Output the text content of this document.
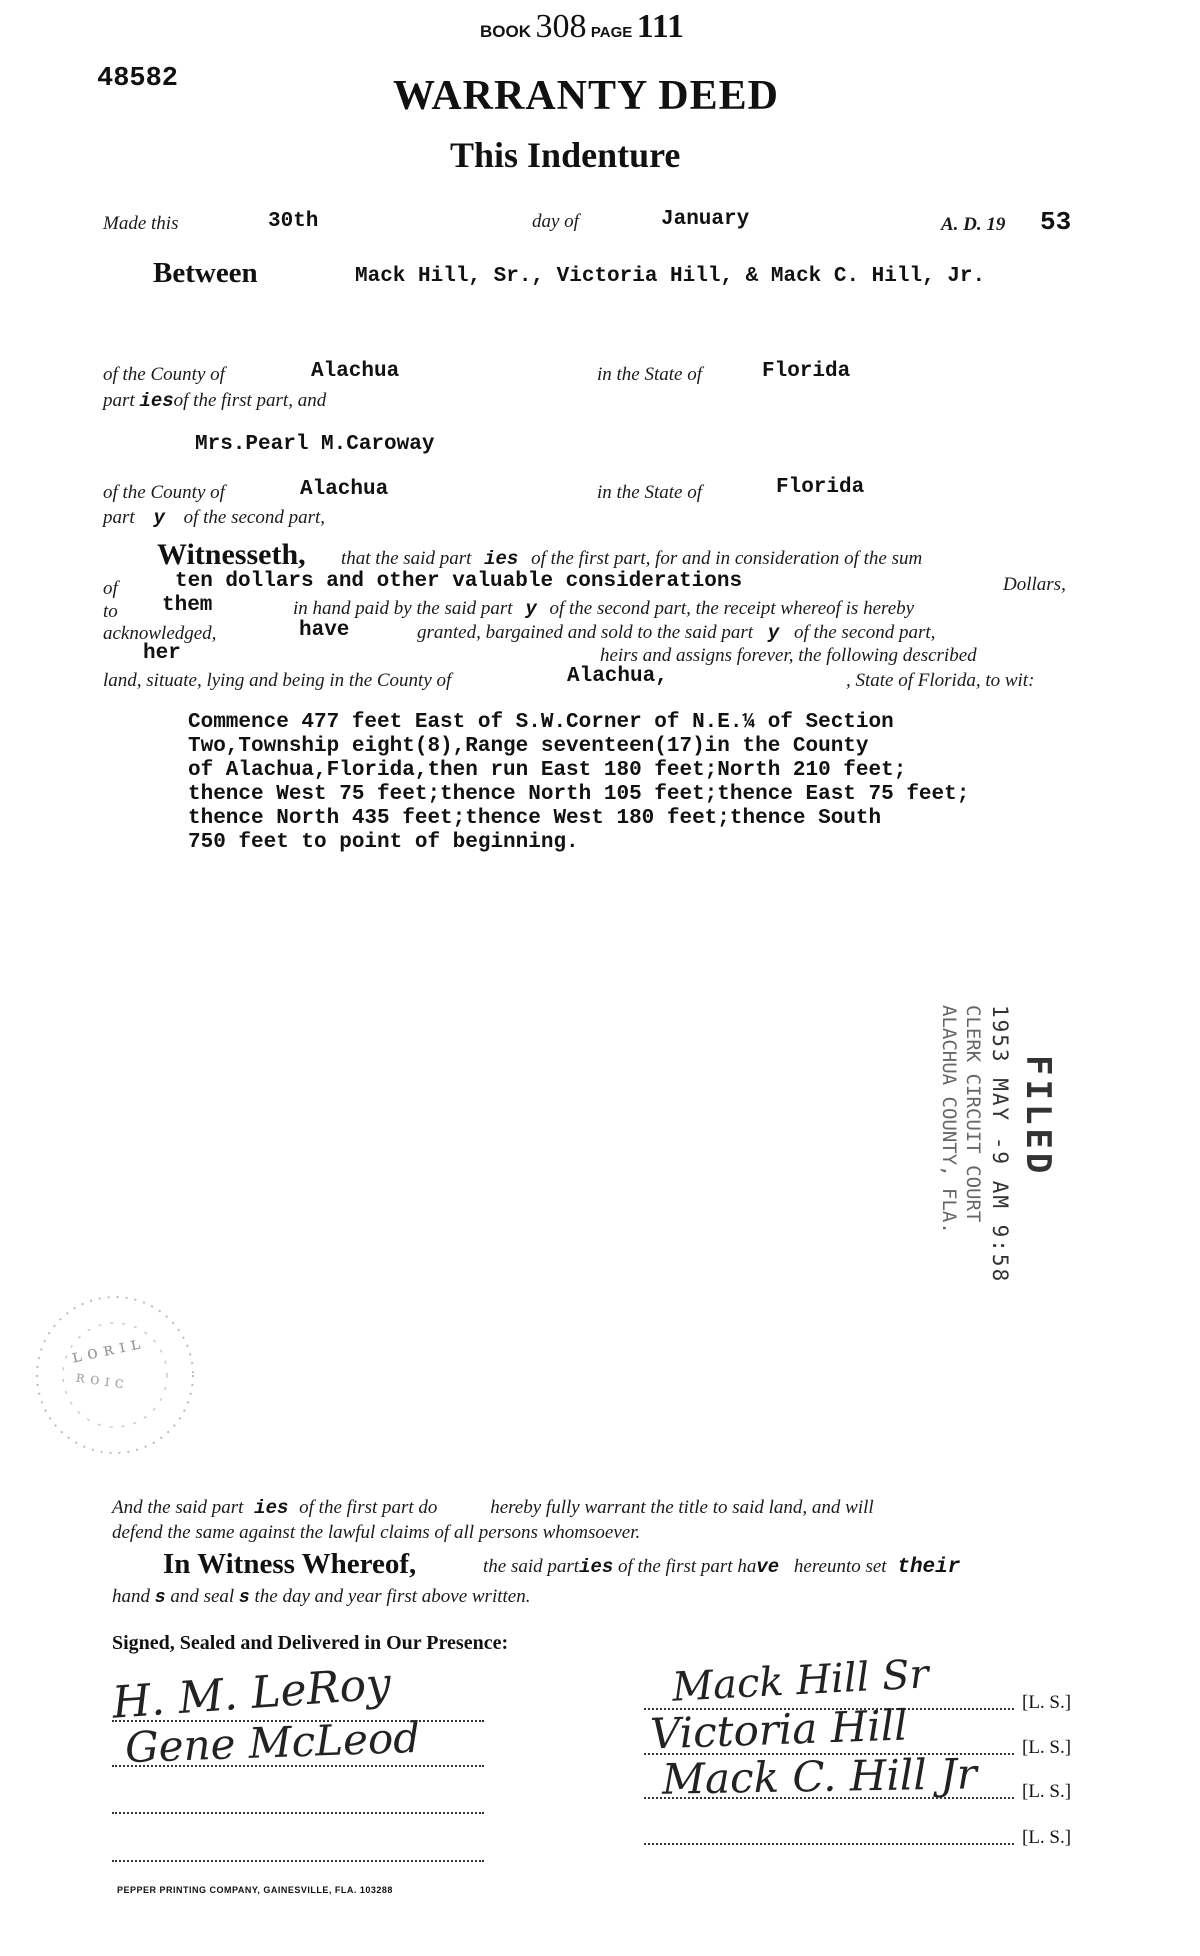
BOOK 308 PAGE 111
48582	WARRANTY DEED
This Indenture
Made this	30th	day of	January	A. D. 19 53
Between	Mack Hill, Sr., Victoria Hill, & Mack C. Hill, Jr.
of the County of	Alachua	in the State of	Florida
part iesof the first part, and
Mrs.Pearl M.Caroway
of the County of	Alachua	in the State of	Florida
part y of the second part,
Witnesseth, that the said part ies of the first part, for and in consideration of the sum
of	ten dollars and other valuable considerations	Dollars,
to them	in hand paid by the said part y of the second part, the receipt whereof is hereby
acknowledged,	have	granted, bargained and sold to the said part y of the second part,
her	heirs and assigns forever, the following described
land, situate, lying and being in the County of	Alachua,	, State of Florida, to wit:
Commence 477 feet East of S.W.Corner of N.E.¼ of Section
Two,Township eight(8),Range seventeen(17)in the County
of Alachua,Florida,then run East 180 feet;North 210 feet;
thence West 75 feet;thence North 105 feet;thence East 75 feet;
thence North 435 feet;thence West 180 feet;thence South
750 feet to point of beginning.
FILED
1953 MAY -9 AM 9:58
CLERK CIRCUIT COURT
ALACHUA COUNTY, FLA.
ʟ ᴏ ʀ ɪ ʟ
ʀ ᴏ ɪ ᴄ
And the said part ies of the first part do	hereby fully warrant the title to said land, and will
defend the same against the lawful claims of all persons whomsoever.
In Witness Whereof,	the said parties of the first part have hereunto set their
hand s and seal s the day and year first above written.
Signed, Sealed and Delivered in Our Presence:
H. M. LeRoy
Gene McLeod
[L. S.]
[L. S.]
[L. S.]
[L. S.]
Mack Hill Sr
Victoria Hill
Mack C. Hill Jr
PEPPER PRINTING COMPANY, GAINESVILLE, FLA. 103288
